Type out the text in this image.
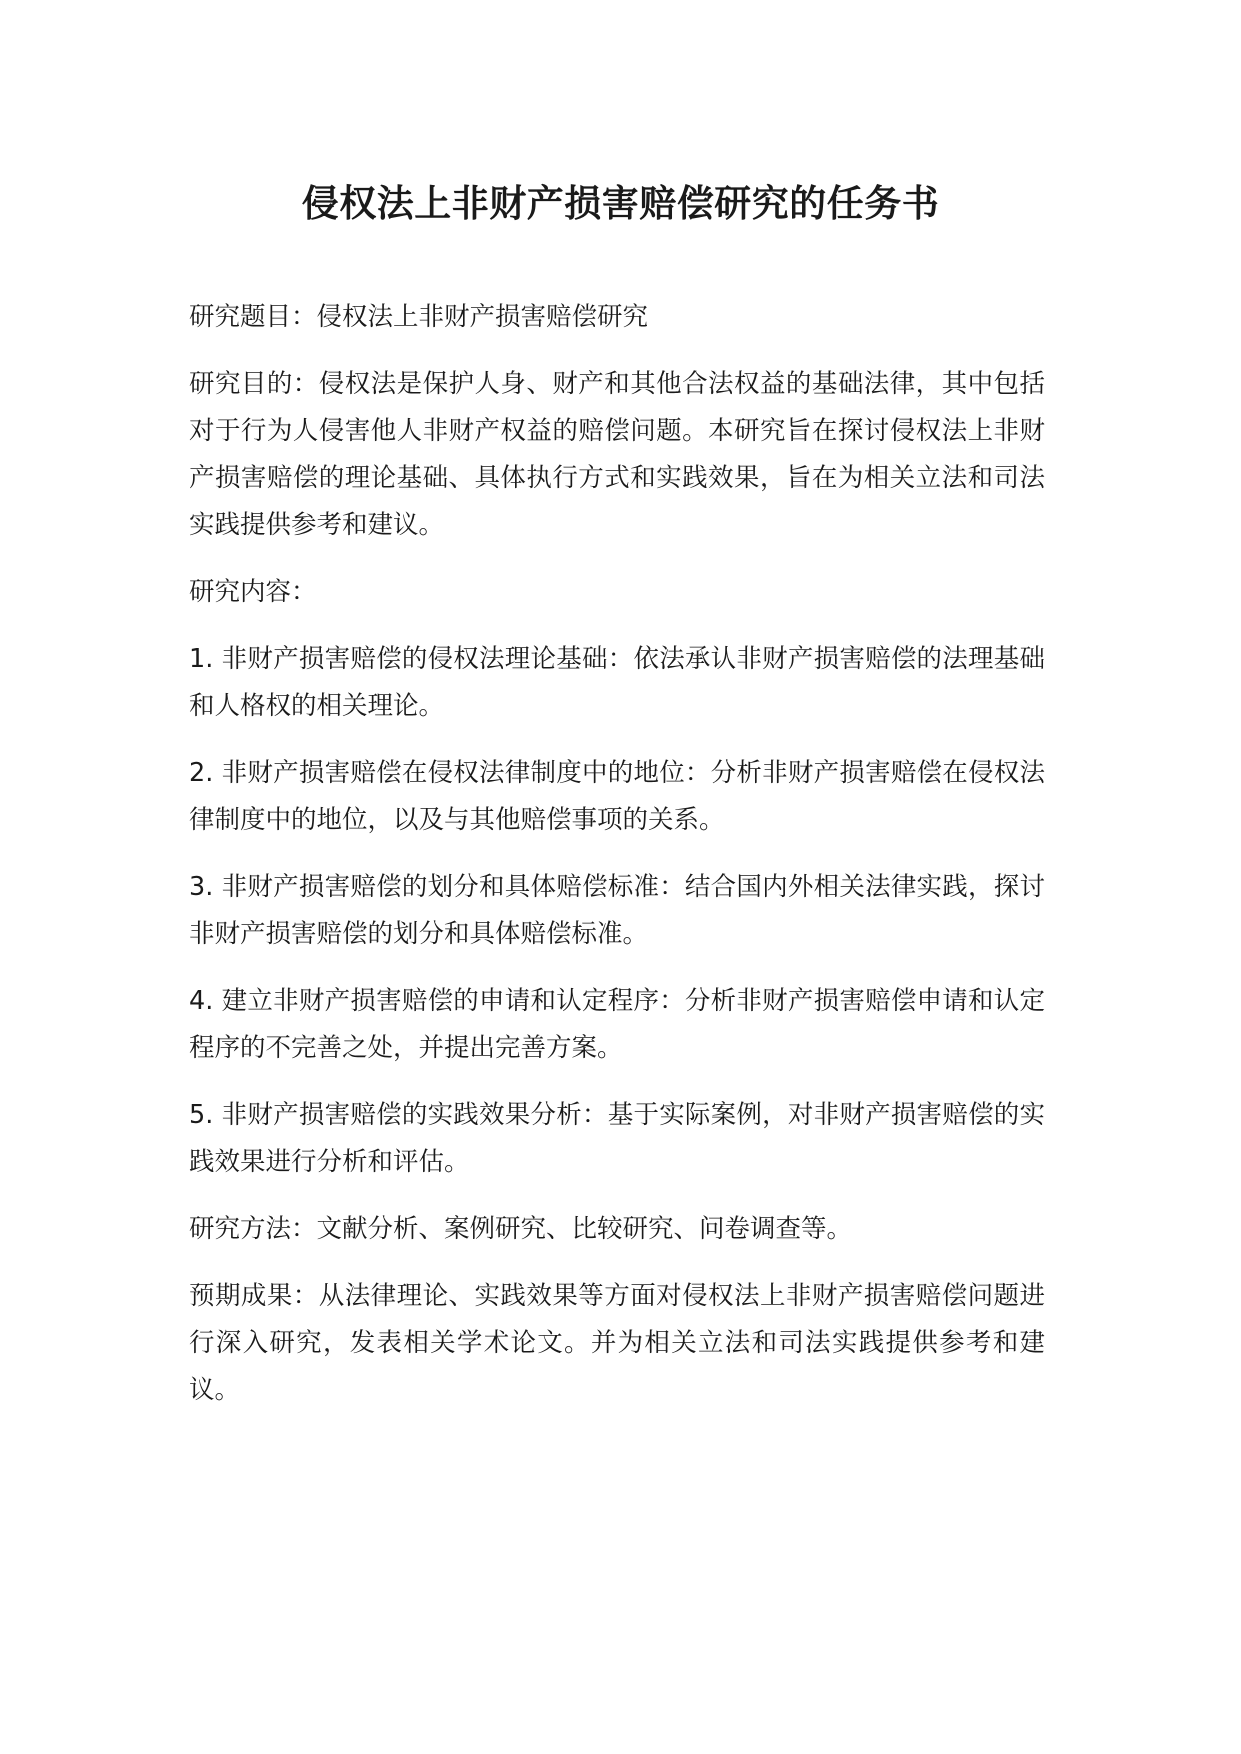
侵权法上非财产损害赔偿研究的任务书

研究题目：侵权法上非财产损害赔偿研究

研究目的：侵权法是保护人身、财产和其他合法权益的基础法律，其中包括对于行为人侵害他人非财产权益的赔偿问题。本研究旨在探讨侵权法上非财产损害赔偿的理论基础、具体执行方式和实践效果，旨在为相关立法和司法实践提供参考和建议。

研究内容：

1. 非财产损害赔偿的侵权法理论基础：依法承认非财产损害赔偿的法理基础和人格权的相关理论。

2. 非财产损害赔偿在侵权法律制度中的地位：分析非财产损害赔偿在侵权法律制度中的地位，以及与其他赔偿事项的关系。

3. 非财产损害赔偿的划分和具体赔偿标准：结合国内外相关法律实践，探讨非财产损害赔偿的划分和具体赔偿标准。

4. 建立非财产损害赔偿的申请和认定程序：分析非财产损害赔偿申请和认定程序的不完善之处，并提出完善方案。

5. 非财产损害赔偿的实践效果分析：基于实际案例，对非财产损害赔偿的实践效果进行分析和评估。

研究方法：文献分析、案例研究、比较研究、问卷调查等。

预期成果：从法律理论、实践效果等方面对侵权法上非财产损害赔偿问题进行深入研究，发表相关学术论文。并为相关立法和司法实践提供参考和建议。
